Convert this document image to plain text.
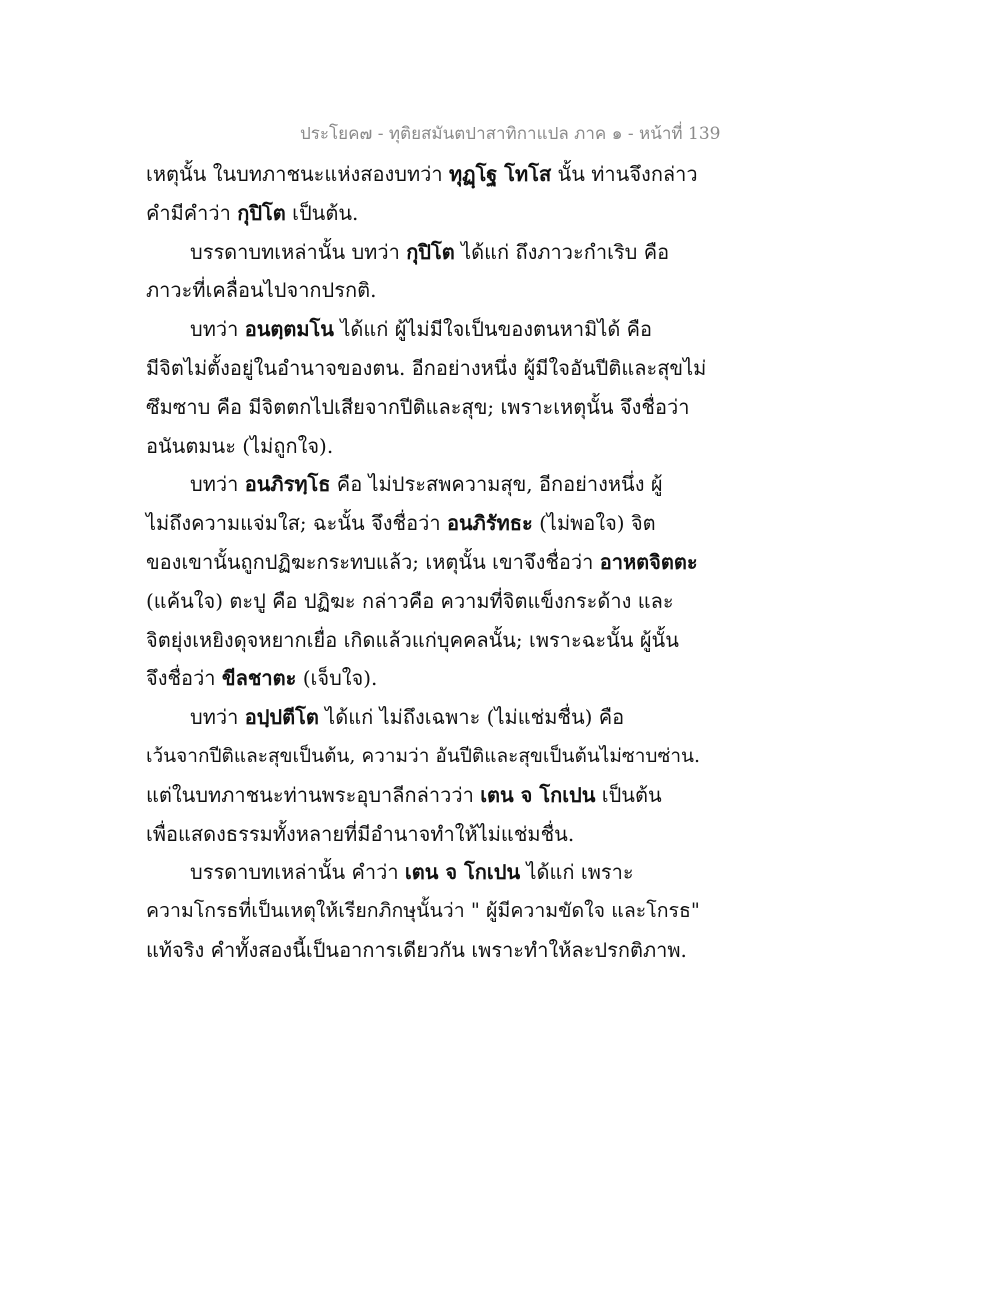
ประโยค๗ - ทุติยสมันตปาสาทิกาแปล ภาค ๑ - หน้าที่ 139
เหตุนั้น ในบทภาชนะแห่งสองบทว่า ทุฏฺโฐ โทโส นั้น ท่านจึงกล่าว
คำมีคำว่า กุปิโต เป็นต้น.
บรรดาบทเหล่านั้น บทว่า กุปิโต ได้แก่ ถึงภาวะกำเริบ คือ
ภาวะที่เคลื่อนไปจากปรกติ.
บทว่า อนตฺตมโน ได้แก่ ผู้ไม่มีใจเป็นของตนหามิได้ คือ
มีจิตไม่ตั้งอยู่ในอำนาจของตน. อีกอย่างหนึ่ง ผู้มีใจอันปีติและสุขไม่
ซึมซาบ คือ มีจิตตกไปเสียจากปีติและสุข; เพราะเหตุนั้น จึงชื่อว่า
อนันตมนะ (ไม่ถูกใจ).
บทว่า อนภิรทฺโธ คือ ไม่ประสพความสุข, อีกอย่างหนึ่ง ผู้
ไม่ถึงความแจ่มใส; ฉะนั้น จึงชื่อว่า อนภิรัทธะ (ไม่พอใจ) จิต
ของเขานั้นถูกปฏิฆะกระทบแล้ว; เหตุนั้น เขาจึงชื่อว่า อาหตจิตตะ
(แค้นใจ) ตะปู คือ ปฏิฆะ กล่าวคือ ความที่จิตแข็งกระด้าง และ
จิตยุ่งเหยิงดุจหยากเยื่อ เกิดแล้วแก่บุคคลนั้น; เพราะฉะนั้น ผู้นั้น
จึงชื่อว่า ขีลชาตะ (เจ็บใจ).
บทว่า อปฺปตีโต ได้แก่ ไม่ถึงเฉพาะ (ไม่แช่มชื่น) คือ
เว้นจากปีติและสุขเป็นต้น, ความว่า อันปีติและสุขเป็นต้นไม่ซาบซ่าน.
แต่ในบทภาชนะท่านพระอุบาลีกล่าวว่า เตน จ โกเปน เป็นต้น
เพื่อแสดงธรรมทั้งหลายที่มีอำนาจทำให้ไม่แช่มชื่น.
บรรดาบทเหล่านั้น คำว่า เตน จ โกเปน ได้แก่ เพราะ
ความโกรธที่เป็นเหตุให้เรียกภิกษุนั้นว่า " ผู้มีความขัดใจ และโกรธ"
แท้จริง คำทั้งสองนี้เป็นอาการเดียวกัน เพราะทำให้ละปรกติภาพ.
